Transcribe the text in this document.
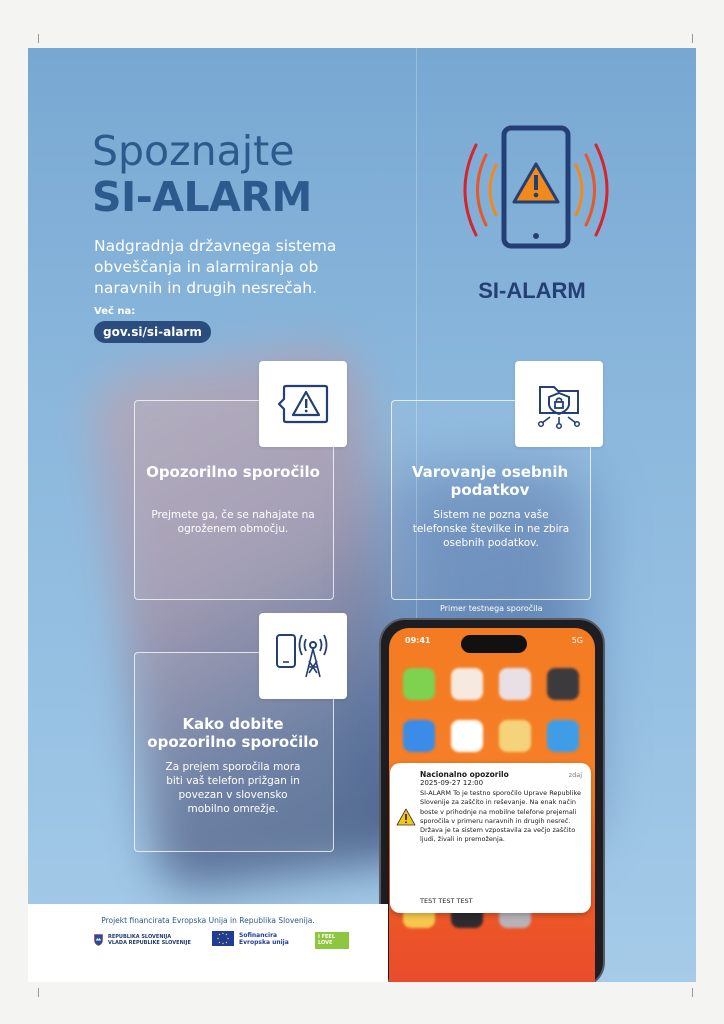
Spoznajte
SI-ALARM

Nadgradnja državnega sistema obveščanja in alarmiranja ob naravnih in drugih nesrečah.

Več na:
gov.si/si-alarm
SI-ALARM

Opozorilno sporočilo

Prejmete ga, če se nahajate na ogroženem območju.

Varovanje osebnih podatkov

Sistem ne pozna vaše telefonske številke in ne zbira osebnih podatkov.

Kako dobite opozorilno sporočilo

Za prejem sporočila mora biti vaš telefon prižgan in povezan v slovensko mobilno omrežje.

Primer testnega sporočila
09:41	5G
Nacionalno opozorilo	zdaj
2025-09-27 12:00

SI-ALARM To je testno sporočilo Uprave Republike Slovenije za zaščito in reševanje. Na enak način boste v prihodnje na mobilne telefone prejemali sporočila v primeru naravnih in drugih nesreč. Država je ta sistem vzpostavila za večjo zaščito ljudi, živali in premoženja.

TEST TEST TEST
Projekt financirata Evropska Unija in Republika Slovenija.
REPUBLIKA SLOVENIJA
VLADA REPUBLIKE SLOVENIJE
Sofinancira
Evropska unija
I FEEL
LOVE
